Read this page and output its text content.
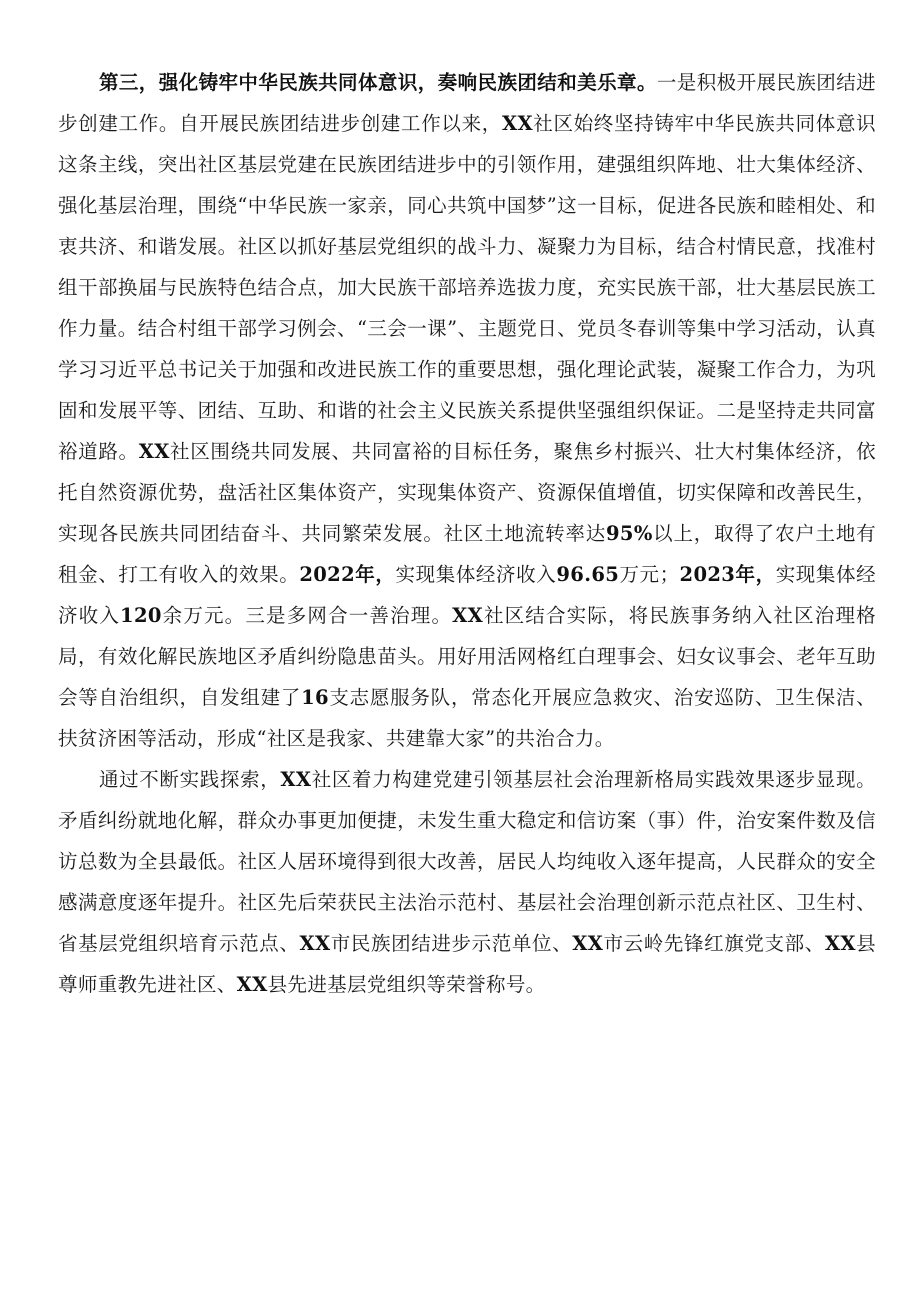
第三，强化铸牢中华民族共同体意识，奏响民族团结和美乐章。一是积极开展民族团结进步创建工作。自开展民族团结进步创建工作以来，XX社区始终坚持铸牢中华民族共同体意识这条主线，突出社区基层党建在民族团结进步中的引领作用，建强组织阵地、壮大集体经济、强化基层治理，围绕“中华民族一家亲，同心共筑中国梦”这一目标，促进各民族和睦相处、和衷共济、和谐发展。社区以抓好基层党组织的战斗力、凝聚力为目标，结合村情民意，找准村组干部换届与民族特色结合点，加大民族干部培养选拔力度，充实民族干部，壮大基层民族工作力量。结合村组干部学习例会、“三会一课”、主题党日、党员冬春训等集中学习活动，认真学习习近平总书记关于加强和改进民族工作的重要思想，强化理论武装，凝聚工作合力，为巩固和发展平等、团结、互助、和谐的社会主义民族关系提供坚强组织保证。二是坚持走共同富裕道路。XX社区围绕共同发展、共同富裕的目标任务，聚焦乡村振兴、壮大村集体经济，依托自然资源优势，盘活社区集体资产，实现集体资产、资源保值增值，切实保障和改善民生，实现各民族共同团结奋斗、共同繁荣发展。社区土地流转率达95%以上，取得了农户土地有租金、打工有收入的效果。2022年，实现集体经济收入96.65万元；2023年，实现集体经济收入120余万元。三是多网合一善治理。XX社区结合实际，将民族事务纳入社区治理格局，有效化解民族地区矛盾纠纷隐患苗头。用好用活网格红白理事会、妇女议事会、老年互助会等自治组织，自发组建了16支志愿服务队，常态化开展应急救灾、治安巡防、卫生保洁、扶贫济困等活动，形成“社区是我家、共建靠大家”的共治合力。

通过不断实践探索，XX社区着力构建党建引领基层社会治理新格局实践效果逐步显现。矛盾纠纷就地化解，群众办事更加便捷，未发生重大稳定和信访案（事）件，治安案件数及信访总数为全县最低。社区人居环境得到很大改善，居民人均纯收入逐年提高，人民群众的安全感满意度逐年提升。社区先后荣获民主法治示范村、基层社会治理创新示范点社区、卫生村、省基层党组织培育示范点、XX市民族团结进步示范单位、XX市云岭先锋红旗党支部、XX县尊师重教先进社区、XX县先进基层党组织等荣誉称号。
